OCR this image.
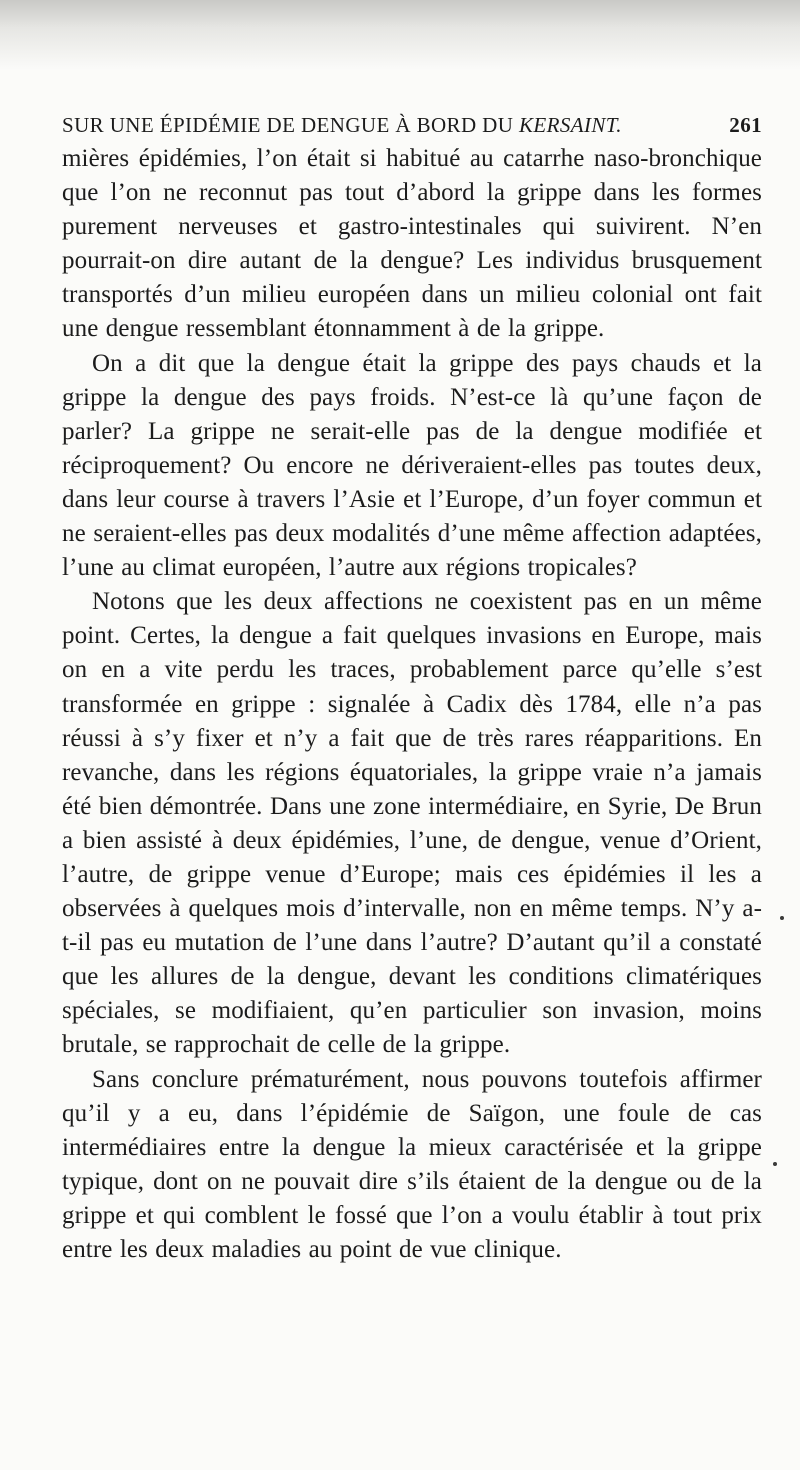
SUR UNE ÉPIDÉMIE DE DENGUE À BORD DU KERSAINT.	261

mières épidémies, l’on était si habitué au catarrhe naso-bronchique que l’on ne reconnut pas tout d’abord la grippe dans les formes purement nerveuses et gastro-intestinales qui suivirent. N’en pourrait-on dire autant de la dengue? Les individus brusquement transportés d’un milieu européen dans un milieu colonial ont fait une dengue ressemblant étonnamment à de la grippe.

On a dit que la dengue était la grippe des pays chauds et la grippe la dengue des pays froids. N’est-ce là qu’une façon de parler? La grippe ne serait-elle pas de la dengue modifiée et réciproquement? Ou encore ne dériveraient-elles pas toutes deux, dans leur course à travers l’Asie et l’Europe, d’un foyer commun et ne seraient-elles pas deux modalités d’une même affection adaptées, l’une au climat européen, l’autre aux régions tropicales?

Notons que les deux affections ne coexistent pas en un même point. Certes, la dengue a fait quelques invasions en Europe, mais on en a vite perdu les traces, probablement parce qu’elle s’est transformée en grippe : signalée à Cadix dès 1784, elle n’a pas réussi à s’y fixer et n’y a fait que de très rares réapparitions. En revanche, dans les régions équatoriales, la grippe vraie n’a jamais été bien démontrée. Dans une zone intermédiaire, en Syrie, De Brun a bien assisté à deux épidémies, l’une, de dengue, venue d’Orient, l’autre, de grippe venue d’Europe; mais ces épidémies il les a observées à quelques mois d’intervalle, non en même temps. N’y a-t-il pas eu mutation de l’une dans l’autre? D’autant qu’il a constaté que les allures de la dengue, devant les conditions climatériques spéciales, se modifiaient, qu’en particulier son invasion, moins brutale, se rapprochait de celle de la grippe.

Sans conclure prématurément, nous pouvons toutefois affirmer qu’il y a eu, dans l’épidémie de Saïgon, une foule de cas intermédiaires entre la dengue la mieux caractérisée et la grippe typique, dont on ne pouvait dire s’ils étaient de la dengue ou de la grippe et qui comblent le fossé que l’on a voulu établir à tout prix entre les deux maladies au point de vue clinique.
